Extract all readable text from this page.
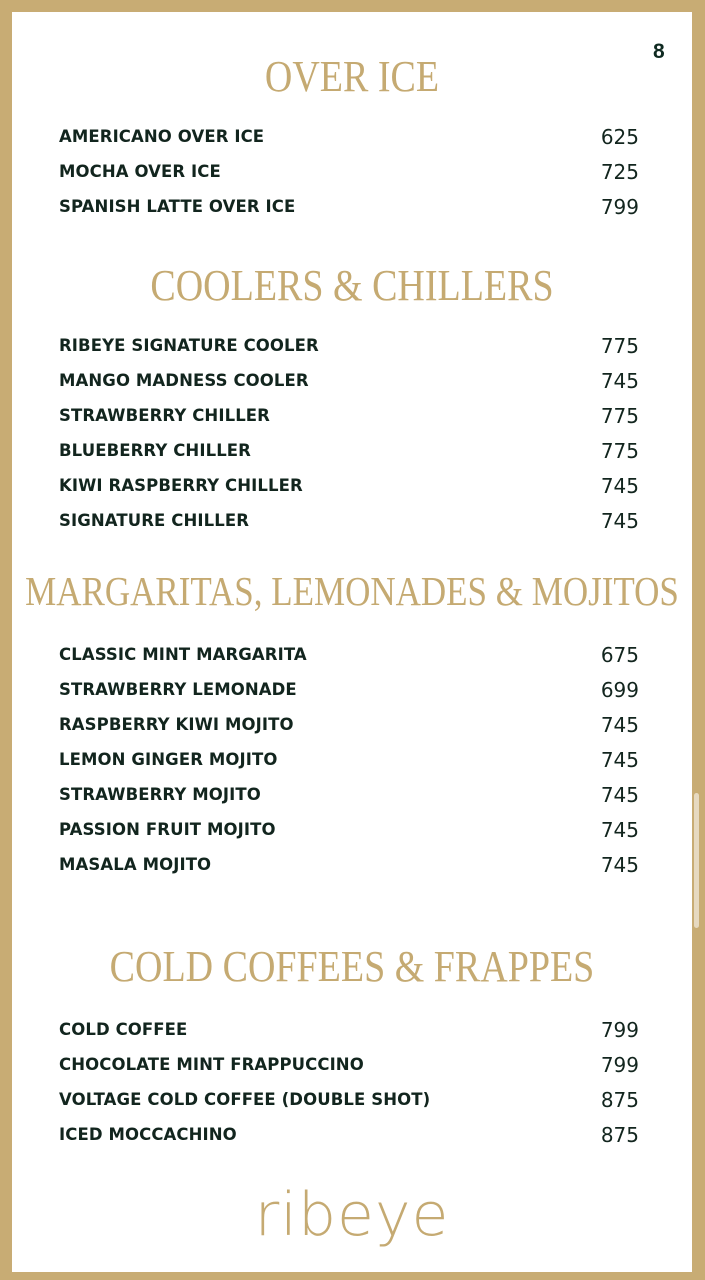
8
OVER ICE
AMERICANO OVER ICE	625
MOCHA OVER ICE	725
SPANISH LATTE OVER ICE	799
COOLERS & CHILLERS
RIBEYE SIGNATURE COOLER	775
MANGO MADNESS COOLER	745
STRAWBERRY CHILLER	775
BLUEBERRY CHILLER	775
KIWI RASPBERRY CHILLER	745
SIGNATURE CHILLER	745
MARGARITAS, LEMONADES & MOJITOS
CLASSIC MINT MARGARITA	675
STRAWBERRY LEMONADE	699
RASPBERRY KIWI MOJITO	745
LEMON GINGER MOJITO	745
STRAWBERRY MOJITO	745
PASSION FRUIT MOJITO	745
MASALA MOJITO	745
COLD COFFEES & FRAPPES
COLD COFFEE	799
CHOCOLATE MINT FRAPPUCCINO	799
VOLTAGE COLD COFFEE (DOUBLE SHOT)	875
ICED MOCCACHINO	875
ribeye
